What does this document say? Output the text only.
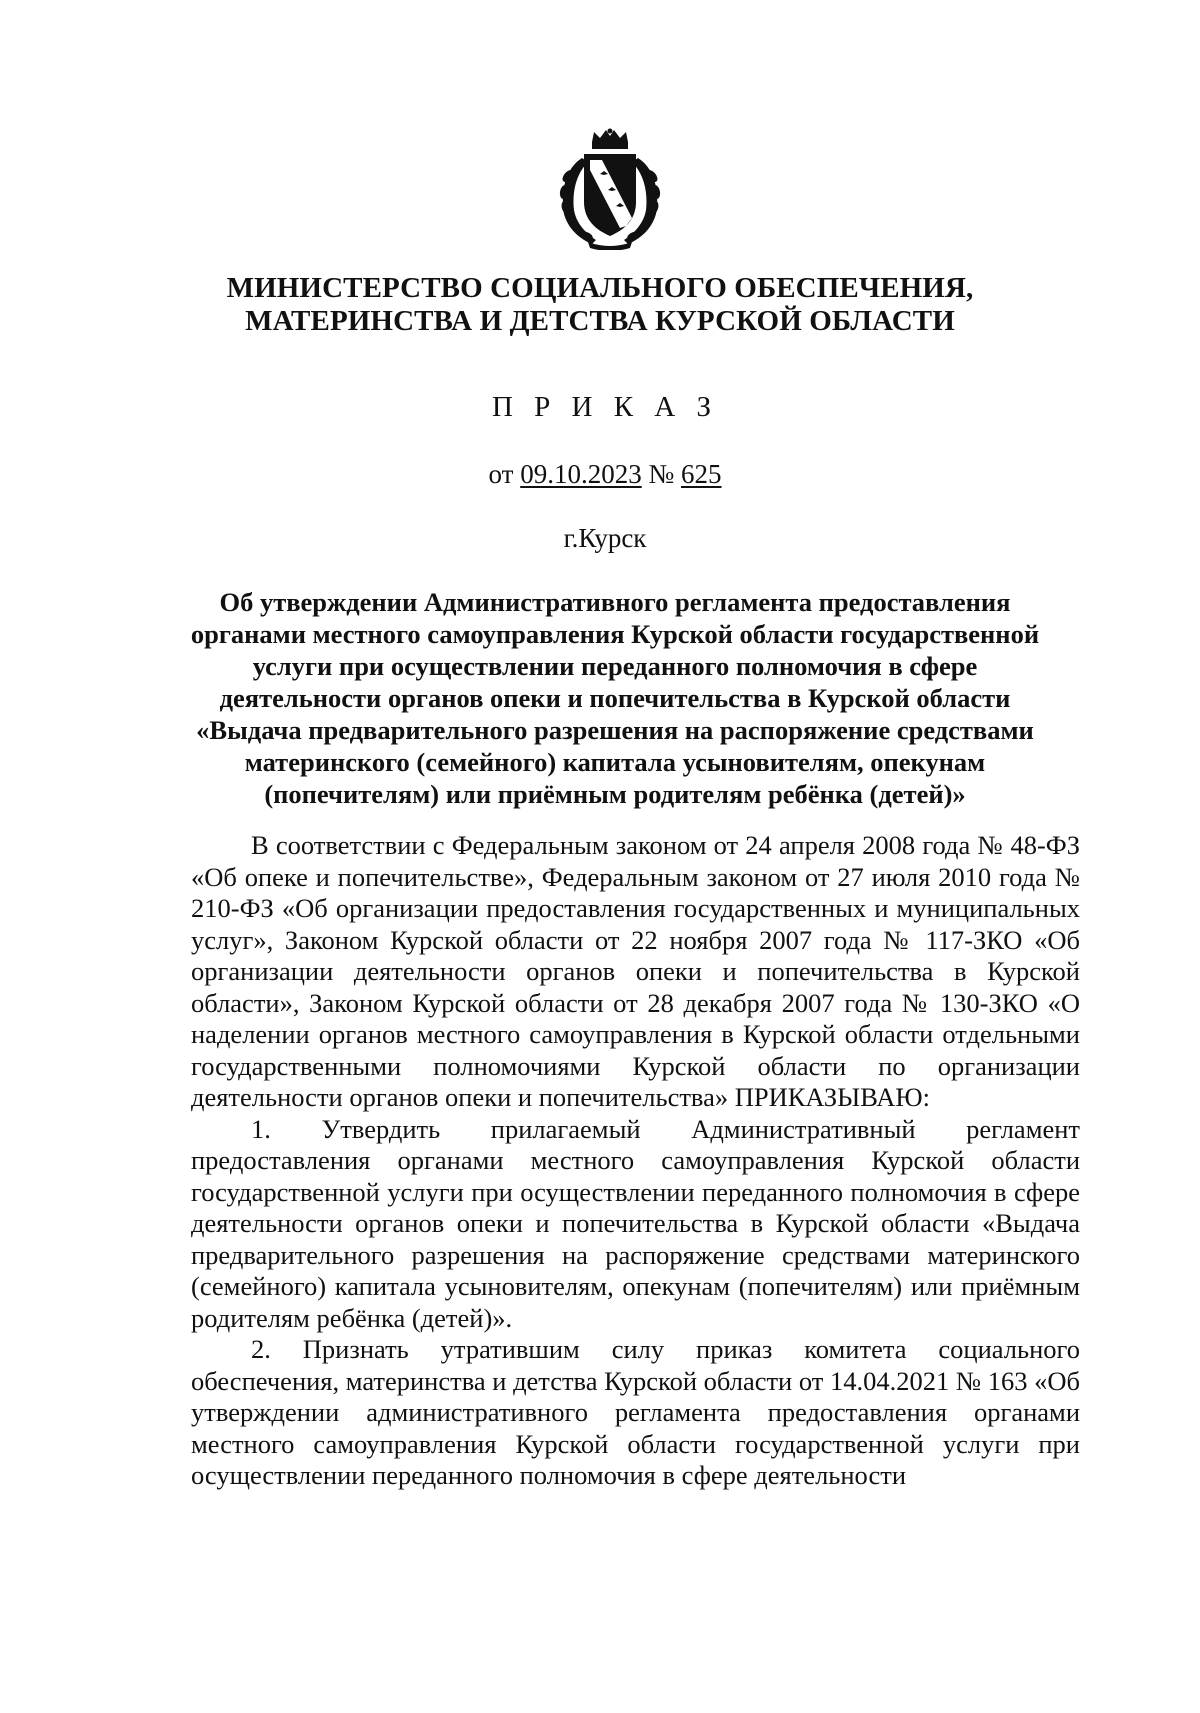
МИНИСТЕРСТВО СОЦИАЛЬНОГО ОБЕСПЕЧЕНИЯ,
МАТЕРИНСТВА И ДЕТСТВА КУРСКОЙ ОБЛАСТИ
П Р И К А З
от 09.10.2023 № 625
г.Курск
Об утверждении Административного регламента предоставления
органами местного самоуправления Курской области государственной
услуги при осуществлении переданного полномочия в сфере
деятельности органов опеки и попечительства в Курской области
«Выдача предварительного разрешения на распоряжение средствами
материнского (семейного) капитала усыновителям, опекунам
(попечителям) или приёмным родителям ребёнка (детей)»

В соответствии с Федеральным законом от 24 апреля 2008 года № 48-ФЗ «Об опеке и попечительстве», Федеральным законом от 27 июля 2010 года № 210-ФЗ «Об организации предоставления государственных и муниципальных услуг», Законом Курской области от 22 ноября 2007 года № 117-ЗКО «Об организации деятельности органов опеки и попечительства в Курской области», Законом Курской области от 28 декабря 2007 года № 130-ЗКО «О наделении органов местного самоуправления в Курской области отдельными государственными полномочиями Курской области по организации деятельности органов опеки и попечительства» ПРИКАЗЫВАЮ:

1. Утвердить прилагаемый Административный регламент предоставления органами местного самоуправления Курской области государственной услуги при осуществлении переданного полномочия в сфере деятельности органов опеки и попечительства в Курской области «Выдача предварительного разрешения на распоряжение средствами материнского (семейного) капитала усыновителям, опекунам (попечителям) или приёмным родителям ребёнка (детей)».

2. Признать утратившим силу приказ комитета социального обеспечения, материнства и детства Курской области от 14.04.2021 № 163 «Об утверждении административного регламента предоставления органами местного самоуправления Курской области государственной услуги при осуществлении переданного полномочия в сфере деятельности
